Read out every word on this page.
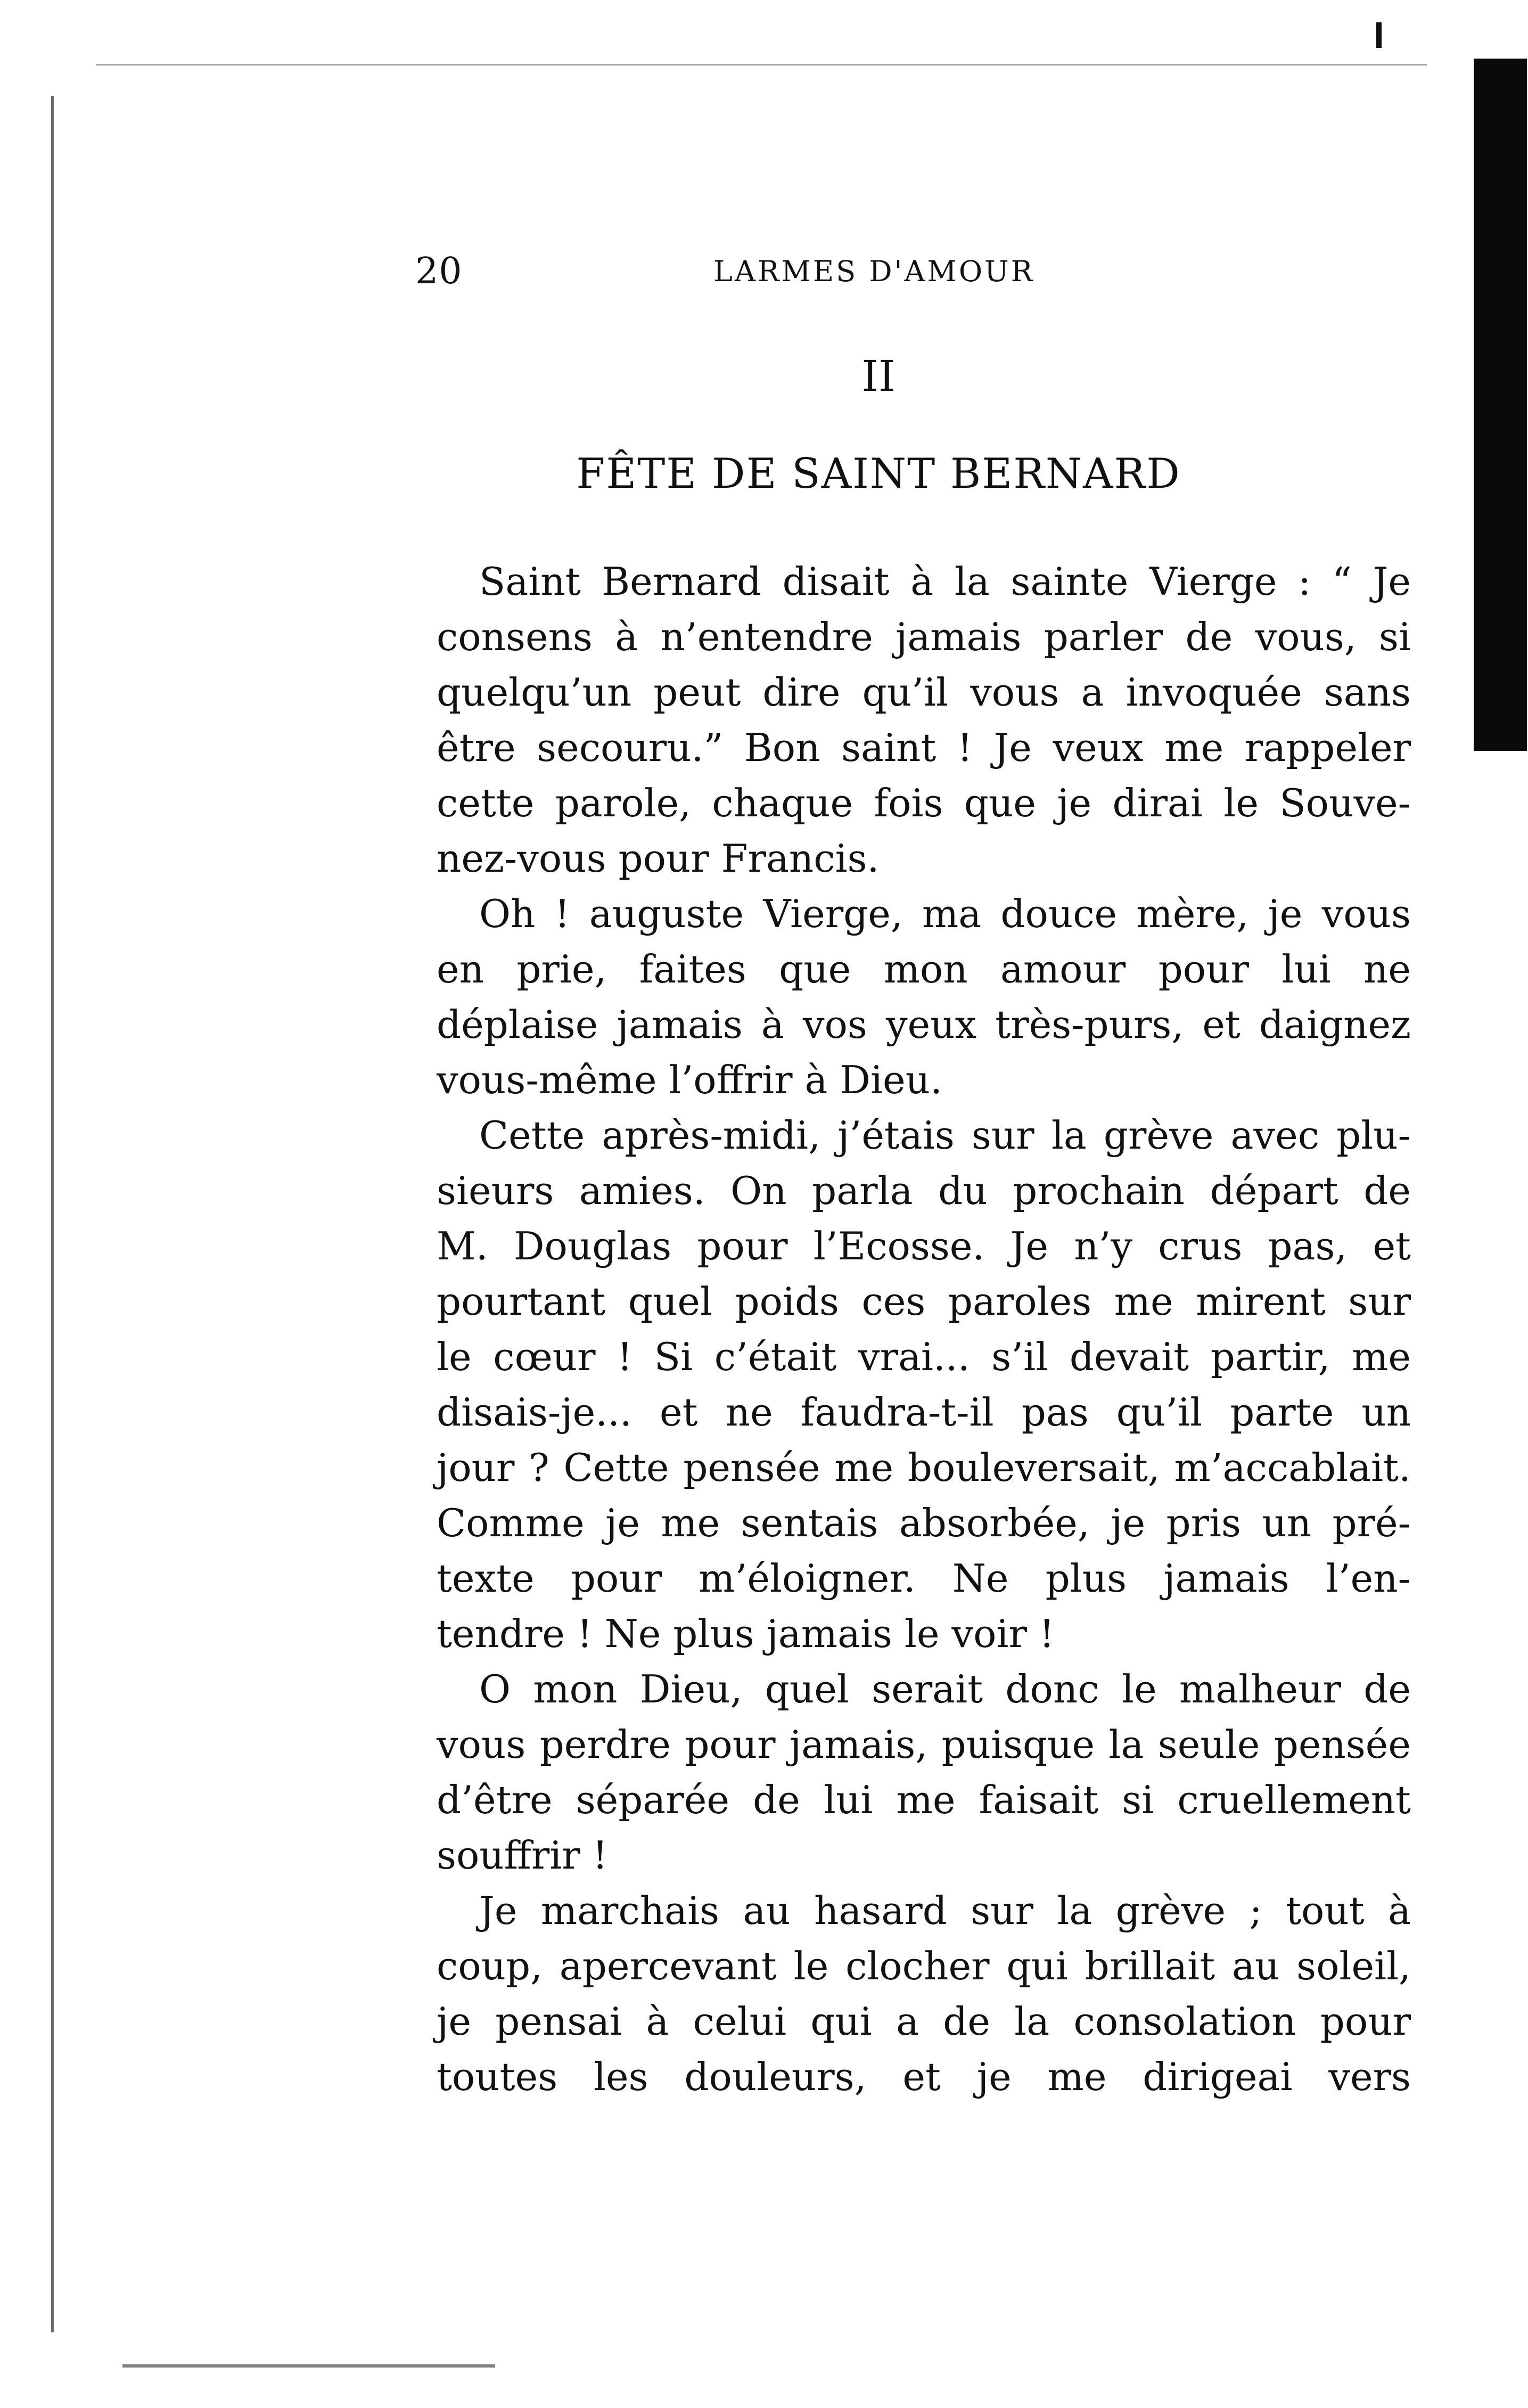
20	LARMES D'AMOUR
II
FÊTE DE SAINT BERNARD
Saint Bernard disait à la sainte Vierge : “ Je
consens à n’entendre jamais parler de vous, si
quelqu’un peut dire qu’il vous a invoquée sans
être secouru.” Bon saint ! Je veux me rappeler
cette parole, chaque fois que je dirai le Souve-
nez-vous pour Francis.
Oh ! auguste Vierge, ma douce mère, je vous
en prie, faites que mon amour pour lui ne
déplaise jamais à vos yeux très-purs, et daignez
vous-même l’offrir à Dieu.
Cette après-midi, j’étais sur la grève avec plu-
sieurs amies. On parla du prochain départ de
M. Douglas pour l’Ecosse. Je n’y crus pas, et
pourtant quel poids ces paroles me mirent sur
le cœur ! Si c’était vrai... s’il devait partir, me
disais-je... et ne faudra-t-il pas qu’il parte un
jour ? Cette pensée me bouleversait, m’accablait.
Comme je me sentais absorbée, je pris un pré-
texte pour m’éloigner. Ne plus jamais l’en-
tendre ! Ne plus jamais le voir !
O mon Dieu, quel serait donc le malheur de
vous perdre pour jamais, puisque la seule pensée
d’être séparée de lui me faisait si cruellement
souffrir !
Je marchais au hasard sur la grève ; tout à
coup, apercevant le clocher qui brillait au soleil,
je pensai à celui qui a de la consolation pour
toutes les douleurs, et je me dirigeai vers
